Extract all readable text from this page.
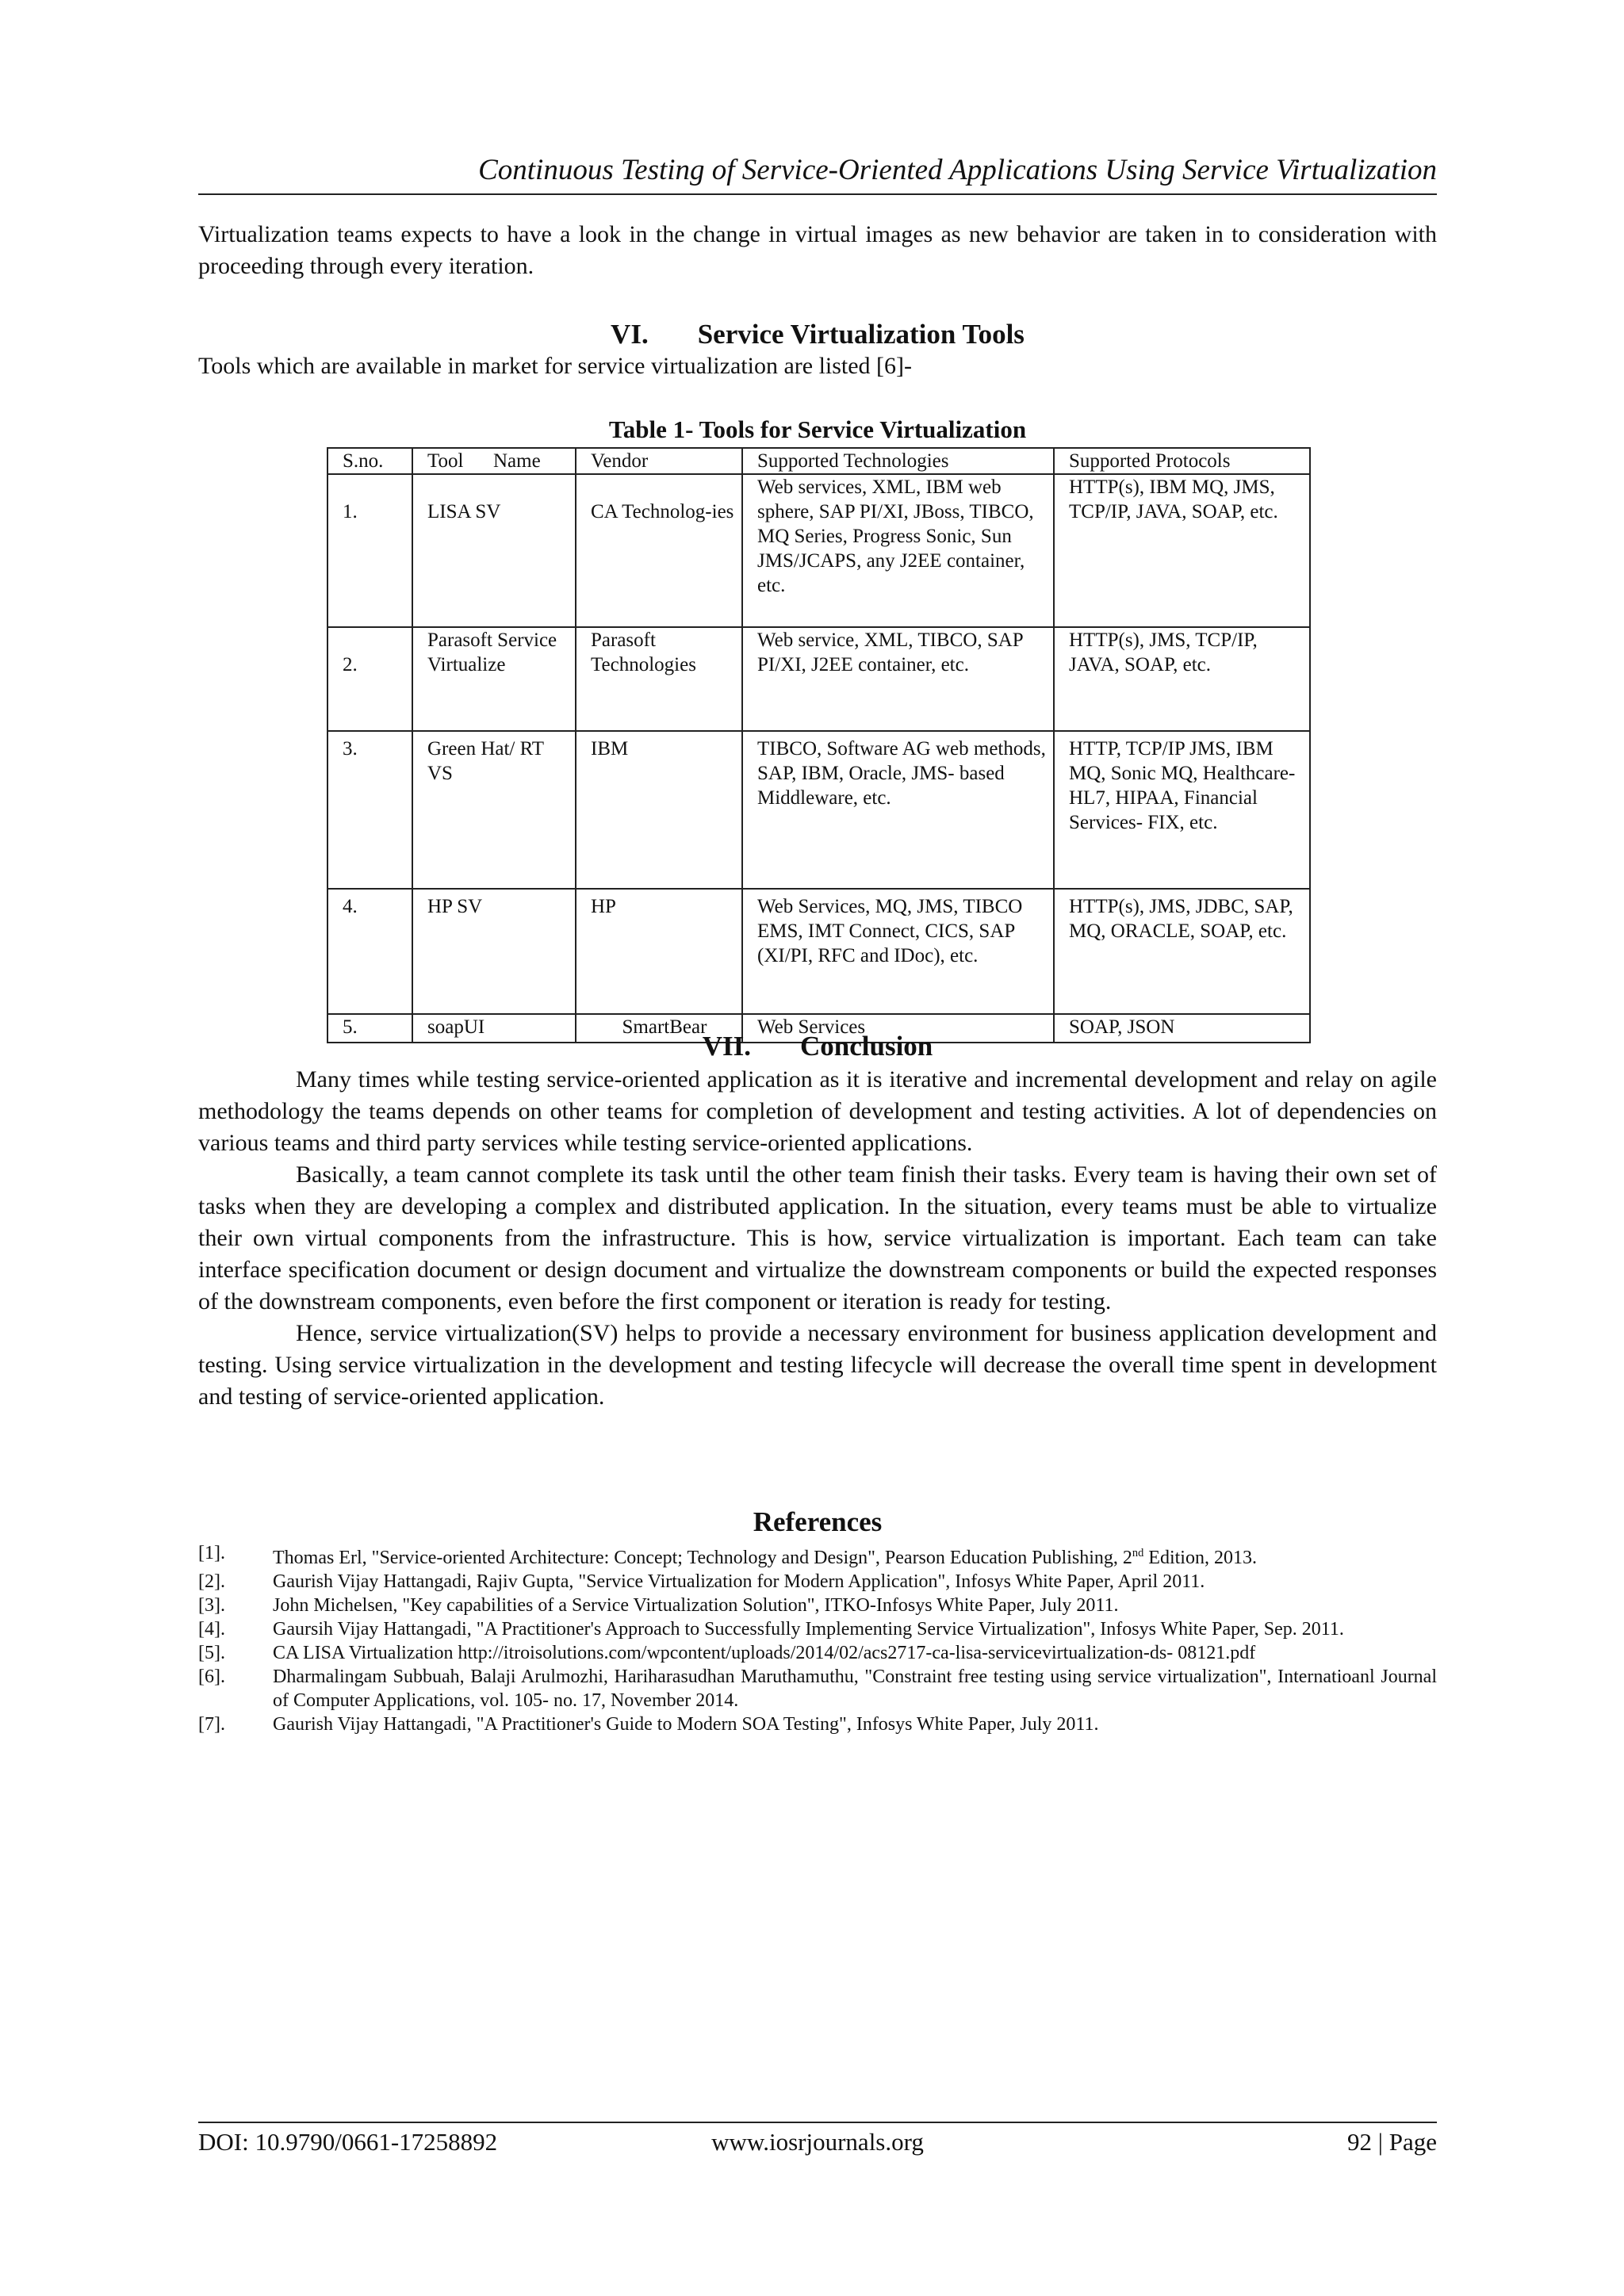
Continuous Testing of Service-Oriented Applications Using Service Virtualization

Virtualization teams expects to have a look in the change in virtual images as new behavior are taken in to consideration with proceeding through every iteration.

VI. Service Virtualization Tools

Tools which are available in market for service virtualization are listed [6]-

Table 1- Tools for Service Virtualization
S.no.	Tool      Name	Vendor	Supported Technologies	Supported Protocols
1.	LISA SV	CA Technolog-ies	Web services, XML, IBM web sphere, SAP PI/XI, JBoss, TIBCO, MQ Series, Progress Sonic, Sun JMS/JCAPS, any J2EE container, etc.	HTTP(s), IBM MQ, JMS, TCP/IP, JAVA, SOAP, etc.
2.	Parasoft Service Virtualize	Parasoft Technologies	Web service, XML, TIBCO, SAP PI/XI, J2EE container, etc.	HTTP(s), JMS, TCP/IP, JAVA, SOAP, etc.
3.	Green Hat/ RT VS	IBM	TIBCO, Software AG web methods, SAP, IBM, Oracle, JMS- based Middleware, etc.	HTTP, TCP/IP JMS, IBM MQ, Sonic MQ, Healthcare- HL7, HIPAA, Financial Services- FIX, etc.
4.	HP SV	HP	Web Services, MQ, JMS, TIBCO EMS, IMT Connect, CICS, SAP (XI/PI, RFC and IDoc), etc.	HTTP(s), JMS, JDBC, SAP, MQ, ORACLE, SOAP, etc.
5.	soapUI	SmartBear	Web Services	SOAP, JSON
VII. Conclusion

Many times while testing service-oriented application as it is iterative and incremental development and relay on agile methodology the teams depends on other teams for completion of development and testing activities. A lot of dependencies on various teams and third party services while testing service-oriented applications.

Basically, a team cannot complete its task until the other team finish their tasks. Every team is having their own set of tasks when they are developing a complex and distributed application. In the situation, every teams must be able to virtualize their own virtual components from the infrastructure. This is how, service virtualization is important. Each team can take interface specification document or design document and virtualize the downstream components or build the expected responses of the downstream components, even before the first component or iteration is ready for testing.

Hence, service virtualization(SV) helps to provide a necessary environment for business application development and testing. Using service virtualization in the development and testing lifecycle will decrease the overall time spent in development and testing of service-oriented application.

References
[1].	Thomas Erl, "Service-oriented Architecture: Concept; Technology and Design", Pearson Education Publishing, 2nd Edition, 2013.
[2].	Gaurish Vijay Hattangadi, Rajiv Gupta, "Service Virtualization for Modern Application", Infosys White Paper, April 2011.
[3].	John Michelsen, "Key capabilities of a Service Virtualization Solution", ITKO-Infosys White Paper, July 2011.
[4].	Gaursih Vijay Hattangadi, "A Practitioner's Approach to Successfully Implementing Service Virtualization", Infosys White Paper, Sep. 2011.
[5].	CA LISA Virtualization http://itroisolutions.com/wpcontent/uploads/2014/02/acs2717-ca-lisa-servicevirtualization-ds- 08121.pdf
[6].	Dharmalingam Subbuah, Balaji Arulmozhi, Hariharasudhan Maruthamuthu, "Constraint free testing using service virtualization", Internatioanl Journal of Computer Applications, vol. 105- no. 17, November 2014.
[7].	Gaurish Vijay Hattangadi, "A Practitioner's Guide to Modern SOA Testing", Infosys White Paper, July 2011.
DOI: 10.9790/0661-17258892	www.iosrjournals.org	92 | Page
